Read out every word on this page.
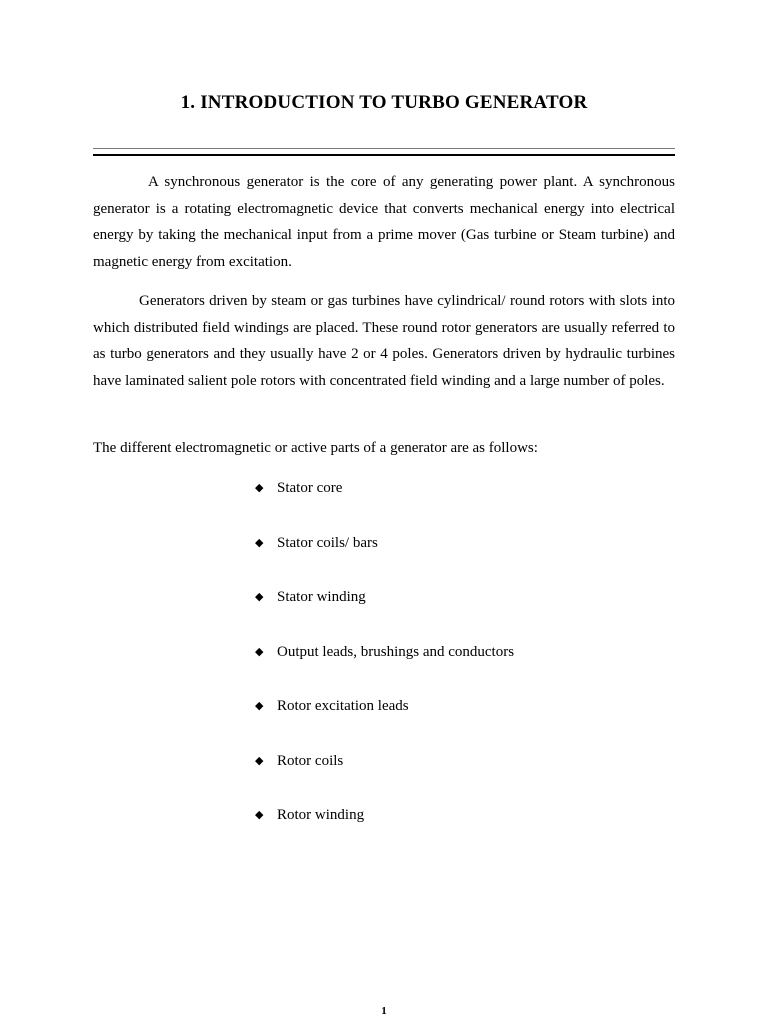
1. INTRODUCTION TO TURBO GENERATOR

A synchronous generator is the core of any generating power plant. A synchronous generator is a rotating electromagnetic device that converts mechanical energy into electrical energy by taking the mechanical input from a prime mover (Gas turbine or Steam turbine) and magnetic energy from excitation.

Generators driven by steam or gas turbines have cylindrical/ round rotors with slots into which distributed field windings are placed. These round rotor generators are usually referred to as turbo generators and they usually have 2 or 4 poles. Generators driven by hydraulic turbines have laminated salient pole rotors with concentrated field winding and a large number of poles.

The different electromagnetic or active parts of a generator are as follows:

◆ Stator core
◆ Stator coils/ bars
◆ Stator winding
◆ Output leads, brushings and conductors
◆ Rotor excitation leads
◆ Rotor coils
◆ Rotor winding
1
